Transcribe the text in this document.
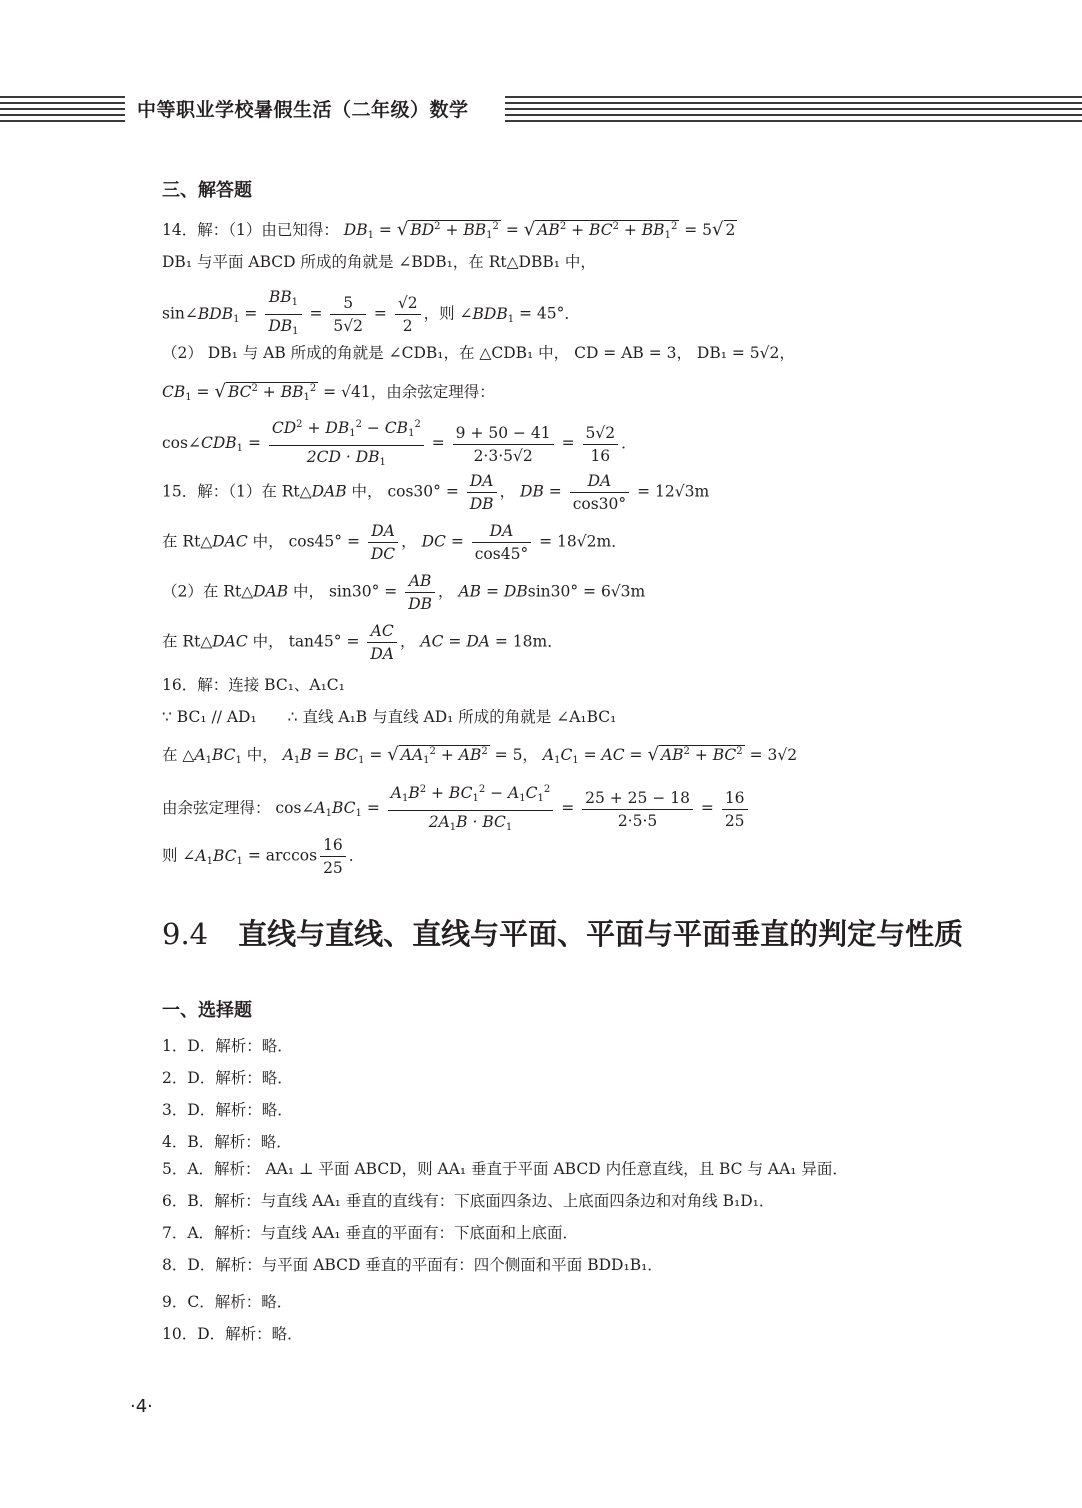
中等职业学校暑假生活（二年级）数学
三、解答题
14．解：（1）由已知得： $DB_1$ = √ $BD^2 + BB_1^2$ = √ $AB^2 + BC^2 + BB_1^2 = 5√$ 2
DB₁ 与平面 ABCD 所成的角就是 ∠BDB₁，在 Rt△DBB₁ 中，
$\sin\angle BDB_1 = \frac{BB_1}{DB_1} = \frac{5}{5√2} = \frac{√2}{2}$ ，则 $\angle BDB_1 = 45^\circ$．
（2） DB₁ 与 AB 所成的角就是 ∠CDB₁，在 △CDB₁ 中， CD = AB = 3， DB₁ = 5√2，
$CB_1$ = √ $BC^2 + BB_1^2 = √41$，由余弦定理得：
$\cos\angle CDB_1 = \frac{CD^2 + DB_1^2 - CB_1^2}{2CD \cdot DB_1} = \frac{9 + 50 - 41}{2\cdot 3\cdot 5√2} = \frac{5√2}{16}$ ．
15．解：（1）在 Rt△DAB 中， $\cos 30^\circ = \frac{DA}{DB}$ ， DB = $\frac{DA}{\cos 30^\circ} = 12√3m$
在 Rt△DAC 中， $\cos 45^\circ = \frac{DA}{DC}$ ， DC = $\frac{DA}{\cos 45^\circ} = 18√2m$．
（2）在 Rt△DAB 中， $\sin 30^\circ = \frac{AB}{DB}$ ， AB = DBsin30° = 6√3m
在 Rt△DAC 中， $\tan 45^\circ = \frac{AC}{DA}$ ， AC = DA = 18m．
16．解：连接 BC₁、A₁C₁
∵ BC₁ // AD₁　　∴ 直线 A₁B 与直线 AD₁ 所成的角就是 ∠A₁BC₁
在 $\triangle A_1BC_1$ 中， $A_1B = BC_1$ = √ $AA_1^2 + AB^2 = 5$， $A_1C_1$ = AC = √ $AB^2 + BC^2 = 3√2$
由余弦定理得： $\cos\angle A_1BC_1 = \frac{A_1B^2 + BC_1^2 - A_1C_1^2}{2A_1B \cdot BC_1} = \frac{25 + 25 - 18}{2\cdot 5\cdot 5} = \frac{16}{25}$
则 $\angle A_1BC_1 = \arccos \frac{16}{25}$ ．
9.4 直线与直线、直线与平面、平面与平面垂直的判定与性质
一、选择题
1．D．解析：略．
2．D．解析：略．
3．D．解析：略．
4．B．解析：略．
5．A．解析： AA₁ ⊥ 平面 ABCD，则 AA₁ 垂直于平面 ABCD 内任意直线，且 BC 与 AA₁ 异面．
6．B．解析：与直线 AA₁ 垂直的直线有：下底面四条边、上底面四条边和对角线 B₁D₁．
7．A．解析：与直线 AA₁ 垂直的平面有：下底面和上底面．
8．D．解析：与平面 ABCD 垂直的平面有：四个侧面和平面 BDD₁B₁．
9．C．解析：略．
10．D．解析：略．
·4·
